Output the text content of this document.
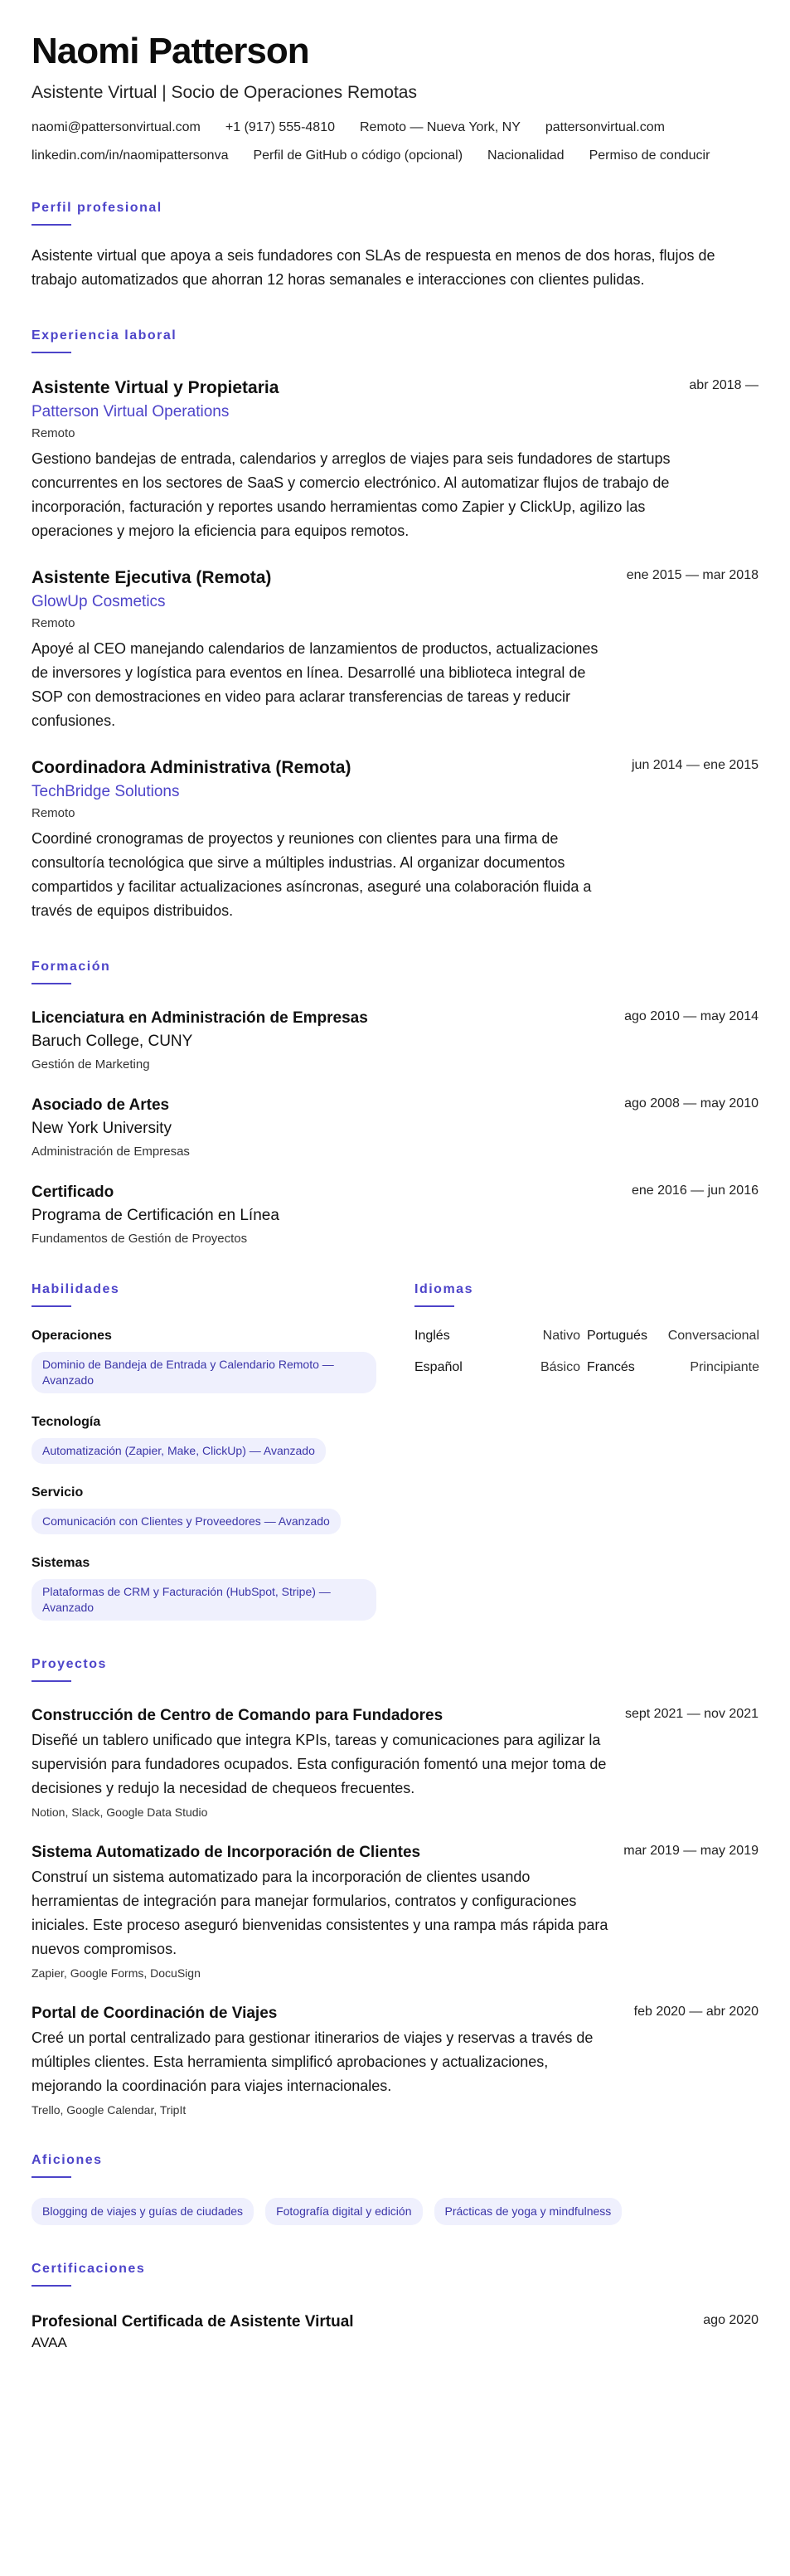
Naomi Patterson
Asistente Virtual | Socio de Operaciones Remotas
naomi@pattersonvirtual.com +1 (917) 555-4810 Remoto — Nueva York, NY pattersonvirtual.com
linkedin.com/in/naomipattersonva Perfil de GitHub o código (opcional) Nacionalidad Permiso de conducir
Perfil profesional

Asistente virtual que apoya a seis fundadores con SLAs de respuesta en menos de dos horas, flujos de trabajo automatizados que ahorran 12 horas semanales e interacciones con clientes pulidas.

Experiencia laboral
abr 2018 —
Asistente Virtual y Propietaria
Patterson Virtual Operations
Remoto

Gestiono bandejas de entrada, calendarios y arreglos de viajes para seis fundadores de startups concurrentes en los sectores de SaaS y comercio electrónico. Al automatizar flujos de trabajo de incorporación, facturación y reportes usando herramientas como Zapier y ClickUp, agilizo las operaciones y mejoro la eficiencia para equipos remotos.

ene 2015 — mar 2018
Asistente Ejecutiva (Remota)
GlowUp Cosmetics
Remoto

Apoyé al CEO manejando calendarios de lanzamientos de productos, actualizaciones de inversores y logística para eventos en línea. Desarrollé una biblioteca integral de SOP con demostraciones en video para aclarar transferencias de tareas y reducir confusiones.

jun 2014 — ene 2015
Coordinadora Administrativa (Remota)
TechBridge Solutions
Remoto

Coordiné cronogramas de proyectos y reuniones con clientes para una firma de consultoría tecnológica que sirve a múltiples industrias. Al organizar documentos compartidos y facilitar actualizaciones asíncronas, aseguré una colaboración fluida a través de equipos distribuidos.

Formación
ago 2010 — may 2014
Licenciatura en Administración de Empresas
Baruch College, CUNY
Gestión de Marketing
ago 2008 — may 2010
Asociado de Artes
New York University
Administración de Empresas
ene 2016 — jun 2016
Certificado
Programa de Certificación en Línea
Fundamentos de Gestión de Proyectos
Habilidades
Operaciones
Dominio de Bandeja de Entrada y Calendario Remoto — Avanzado
Tecnología
Automatización (Zapier, Make, ClickUp) — Avanzado
Servicio
Comunicación con Clientes y Proveedores — Avanzado
Sistemas
Plataformas de CRM y Facturación (HubSpot, Stripe) — Avanzado
Idiomas
Inglés	Nativo Portugués Conversacional
Español	Básico Francés	Principiante
Proyectos
sept 2021 — nov 2021
Construcción de Centro de Comando para Fundadores

Diseñé un tablero unificado que integra KPIs, tareas y comunicaciones para agilizar la supervisión para fundadores ocupados. Esta configuración fomentó una mejor toma de decisiones y redujo la necesidad de chequeos frecuentes.

Notion, Slack, Google Data Studio
mar 2019 — may 2019
Sistema Automatizado de Incorporación de Clientes

Construí un sistema automatizado para la incorporación de clientes usando herramientas de integración para manejar formularios, contratos y configuraciones iniciales. Este proceso aseguró bienvenidas consistentes y una rampa más rápida para nuevos compromisos.

Zapier, Google Forms, DocuSign
feb 2020 — abr 2020
Portal de Coordinación de Viajes

Creé un portal centralizado para gestionar itinerarios de viajes y reservas a través de múltiples clientes. Esta herramienta simplificó aprobaciones y actualizaciones, mejorando la coordinación para viajes internacionales.

Trello, Google Calendar, TripIt
Aficiones
Blogging de viajes y guías de ciudades	Fotografía digital y edición	Prácticas de yoga y mindfulness
Certificaciones
ago 2020
Profesional Certificada de Asistente Virtual
AVAA
